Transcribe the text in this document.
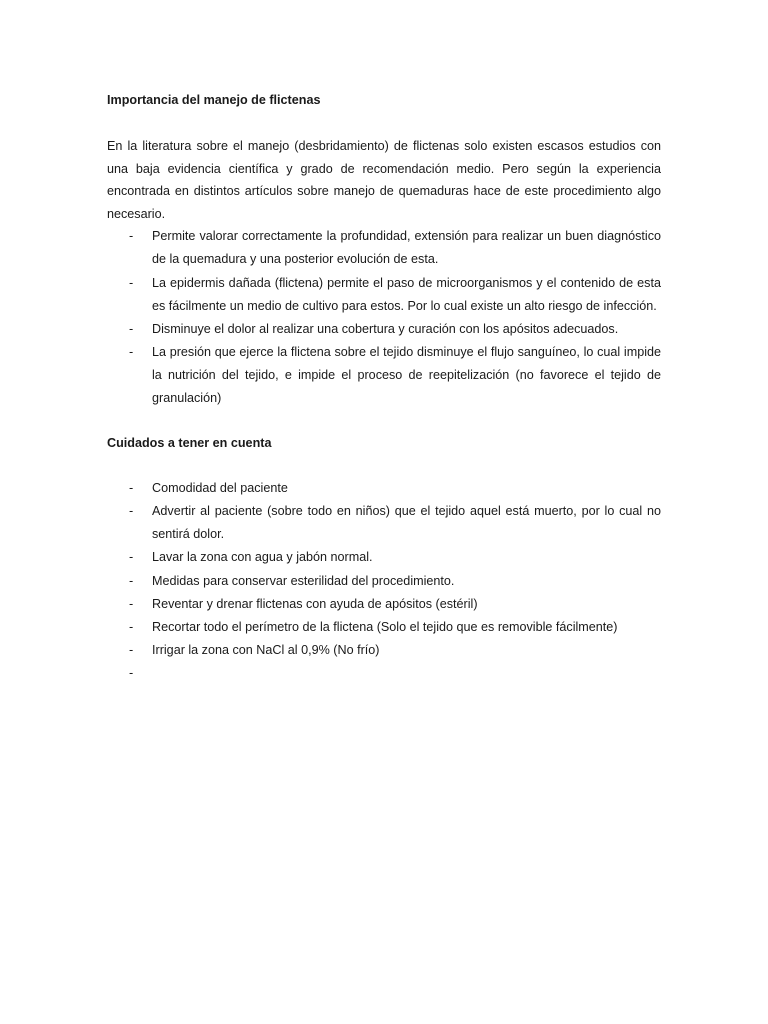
Importancia del manejo de flictenas

En la literatura sobre el manejo (desbridamiento) de flictenas solo existen escasos estudios con una baja evidencia científica y grado de recomendación medio. Pero según la experiencia encontrada en distintos artículos sobre manejo de quemaduras hace de este procedimiento algo necesario.

- Permite valorar correctamente la profundidad, extensión para realizar un buen diagnóstico de la quemadura y una posterior evolución de esta.
- La epidermis dañada (flictena) permite el paso de microorganismos y el contenido de esta es fácilmente un medio de cultivo para estos. Por lo cual existe un alto riesgo de infección.
- Disminuye el dolor al realizar una cobertura y curación con los apósitos adecuados.
- La presión que ejerce la flictena sobre el tejido disminuye el flujo sanguíneo, lo cual impide la nutrición del tejido, e impide el proceso de reepitelización (no favorece el tejido de granulación)
Cuidados a tener en cuenta
- Comodidad del paciente
- Advertir al paciente (sobre todo en niños) que el tejido aquel está muerto, por lo cual no sentirá dolor.
- Lavar la zona con agua y jabón normal.
- Medidas para conservar esterilidad del procedimiento.
- Reventar y drenar flictenas con ayuda de apósitos (estéril)
- Recortar todo el perímetro de la flictena (Solo el tejido que es removible fácilmente)
- Irrigar la zona con NaCl al 0,9% (No frío)
-
